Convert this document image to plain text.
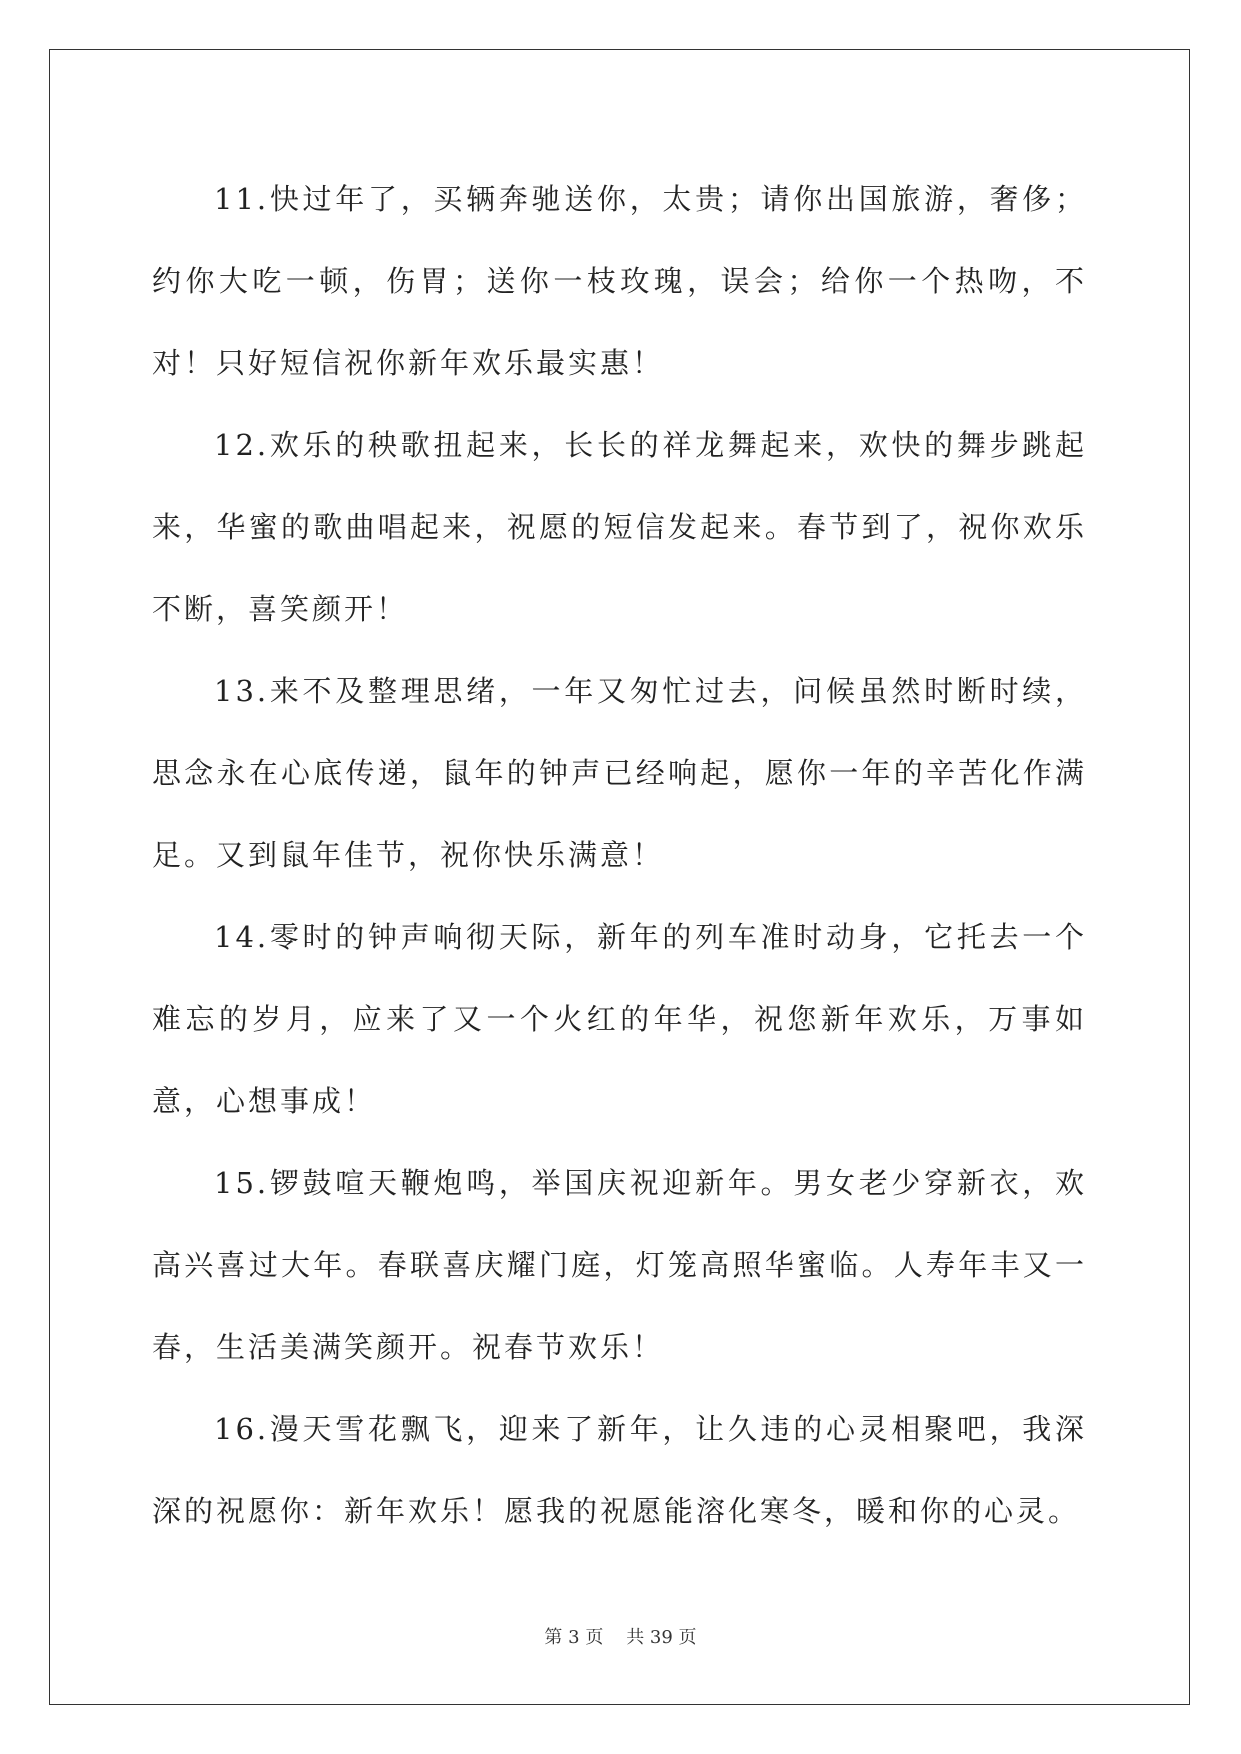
11.快过年了，买辆奔驰送你，太贵；请你出国旅游，奢侈；约你大吃一顿，伤胃；送你一枝玫瑰，误会；给你一个热吻，不对！只好短信祝你新年欢乐最实惠！

12.欢乐的秧歌扭起来，长长的祥龙舞起来，欢快的舞步跳起来，华蜜的歌曲唱起来，祝愿的短信发起来。春节到了，祝你欢乐不断，喜笑颜开！

13.来不及整理思绪，一年又匆忙过去，问候虽然时断时续，思念永在心底传递，鼠年的钟声已经响起，愿你一年的辛苦化作满足。又到鼠年佳节，祝你快乐满意！

14.零时的钟声响彻天际，新年的列车准时动身，它托去一个难忘的岁月，应来了又一个火红的年华，祝您新年欢乐，万事如意，心想事成！

15.锣鼓喧天鞭炮鸣，举国庆祝迎新年。男女老少穿新衣，欢高兴喜过大年。春联喜庆耀门庭，灯笼高照华蜜临。人寿年丰又一春，生活美满笑颜开。祝春节欢乐！

16.漫天雪花飘飞，迎来了新年，让久违的心灵相聚吧，我深深的祝愿你：新年欢乐！愿我的祝愿能溶化寒冬，暖和你的心灵。

第 3 页    共 39 页
